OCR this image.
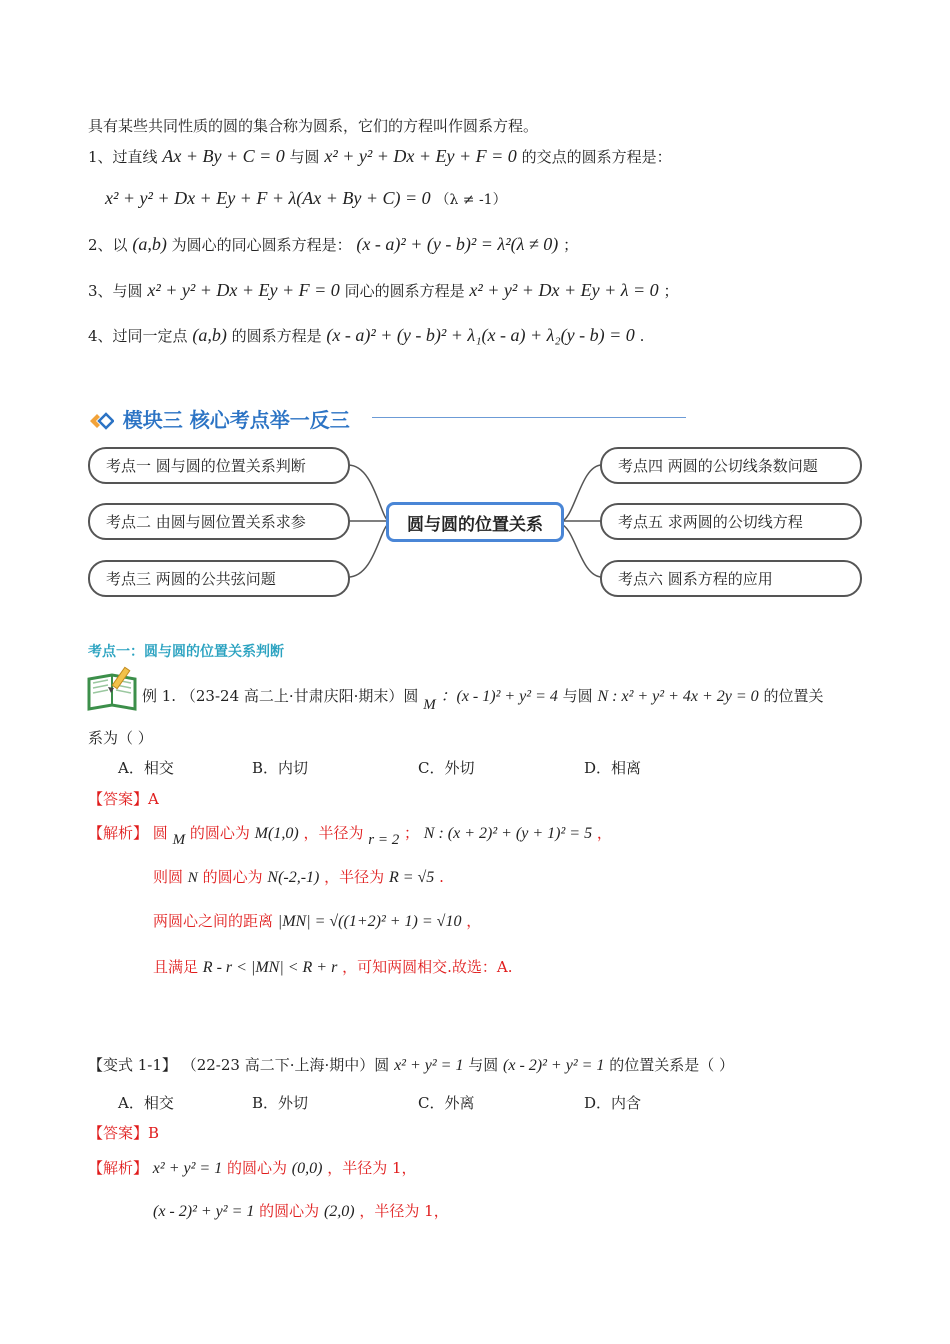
具有某些共同性质的圆的集合称为圆系，它们的方程叫作圆系方程。
1、过直线 Ax + By + C = 0 与圆 x² + y² + Dx + Ey + F = 0 的交点的圆系方程是：
x² + y² + Dx + Ey + F + λ(Ax + By + C) = 0 （λ ≠ -1）
2、以 (a,b) 为圆心的同心圆系方程是： (x - a)² + (y - b)² = λ²(λ ≠ 0) ；
3、与圆 x² + y² + Dx + Ey + F = 0 同心的圆系方程是 x² + y² + Dx + Ey + λ = 0 ；
4、过同一定点 (a,b) 的圆系方程是 (x - a)² + (y - b)² + λ₁(x - a) + λ₂(y - b) = 0 .
模块三 核心考点举一反三
考点一 圆与圆的位置关系判断
考点二 由圆与圆位置关系求参
考点三 两圆的公共弦问题
圆与圆的位置关系
考点四 两圆的公切线条数问题
考点五 求两圆的公切线方程
考点六 圆系方程的应用
考点一：圆与圆的位置关系判断
例 1. （23-24 高二上·甘肃庆阳·期末）圆 M ：(x - 1)² + y² = 4 与圆 N : x² + y² + 4x + 2y = 0 的位置关
系为（ ）
A．相交	B．内切	C．外切	D．相离
【答案】A
【解析】 圆 M 的圆心为 M(1,0) ，半径为 r = 2 ； N : (x + 2)² + (y + 1)² = 5 ，
则圆 N 的圆心为 N(-2,-1) ，半径为 R = √5 .
两圆心之间的距离 |MN| = √((1+2)² + 1) = √10 ，
且满足 R - r < |MN| < R + r ，可知两圆相交.故选：A.
【变式 1-1】 （22-23 高二下·上海·期中）圆 x² + y² = 1 与圆 (x - 2)² + y² = 1 的位置关系是（ ）
A．相交	B．外切	C．外离	D．内含
【答案】B
【解析】 x² + y² = 1 的圆心为 (0,0) ，半径为 1，
(x - 2)² + y² = 1 的圆心为 (2,0) ，半径为 1，
